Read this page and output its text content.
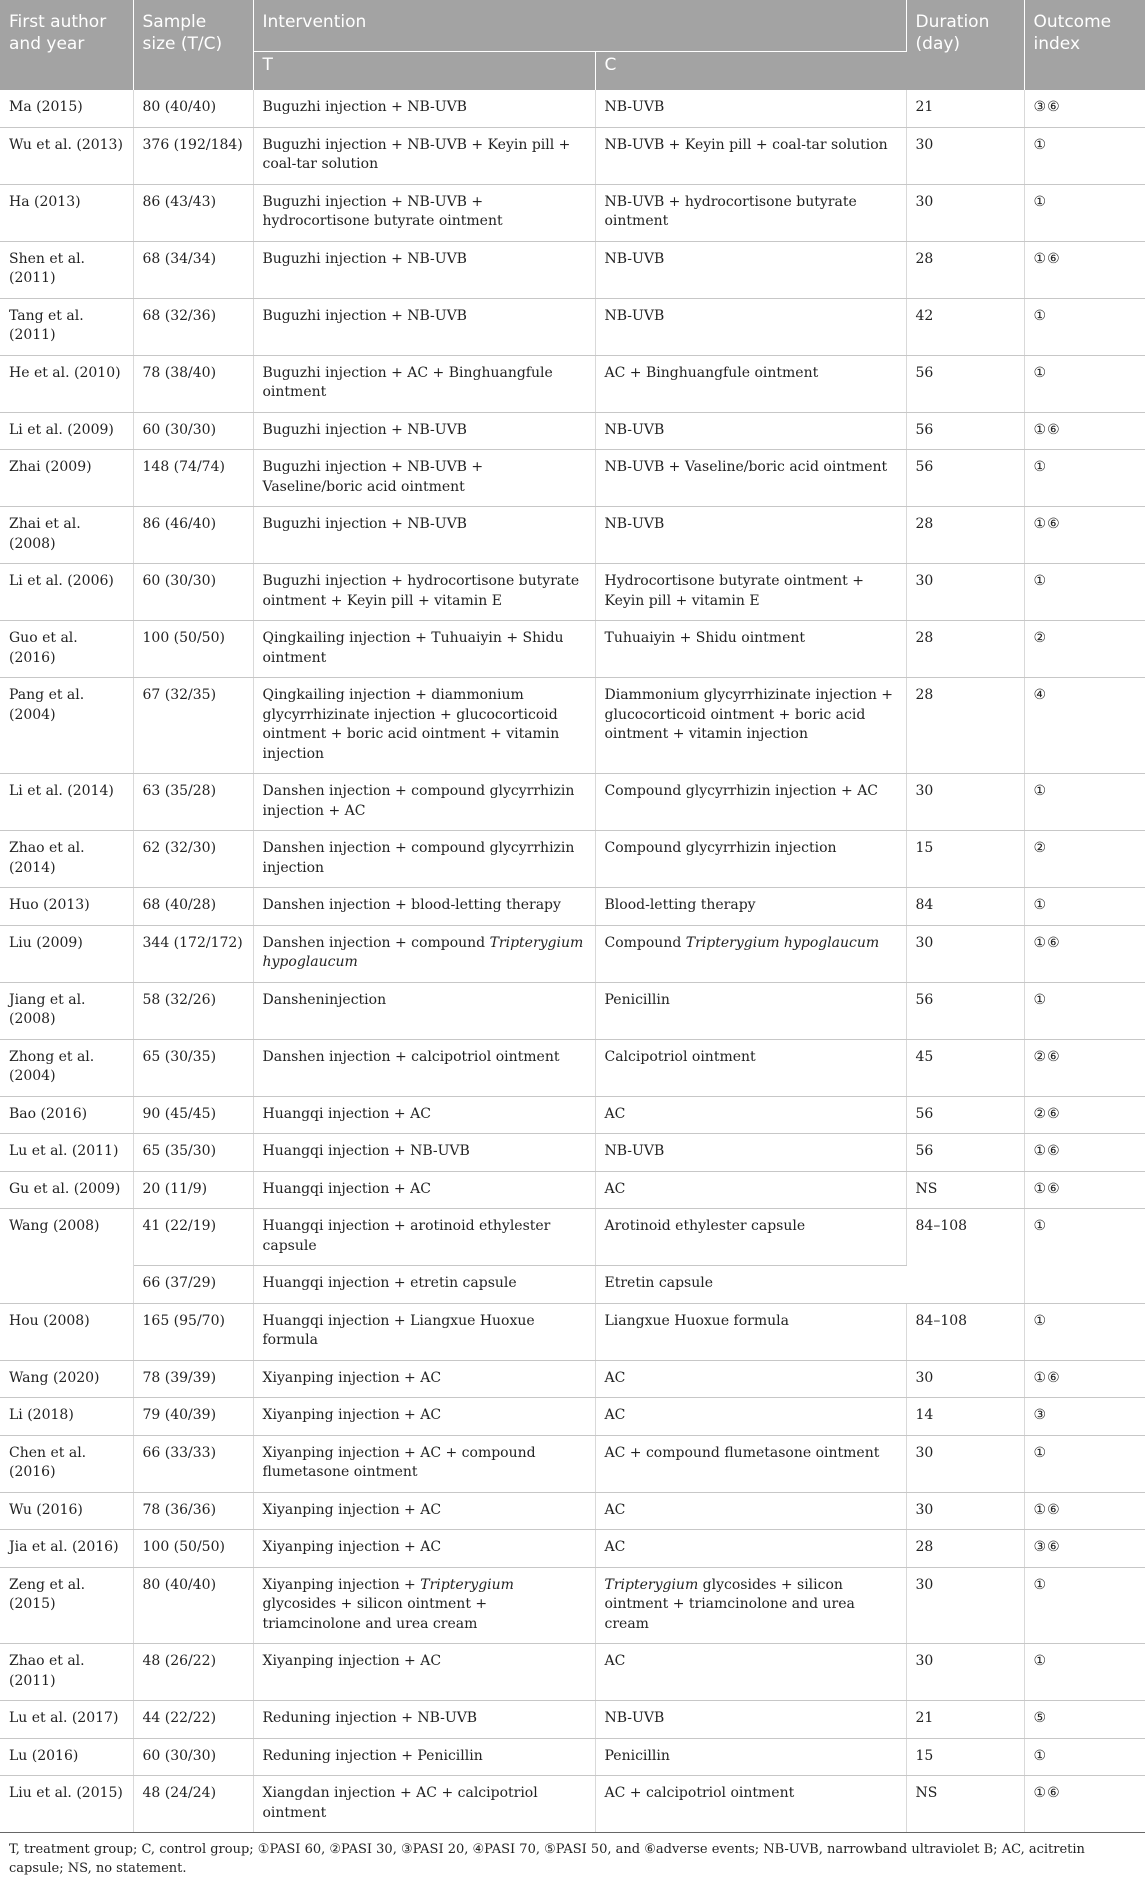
First author and year	Sample size (T/C)	Intervention		Duration (day)	Outcome index
		T	C		
Ma (2015)	80 (40/40)	Buguzhi injection + NB-UVB	NB-UVB	21	③⑥
Wu et al. (2013)	376 (192/184)	Buguzhi injection + NB-UVB + Keyin pill + coal-tar solution	NB-UVB + Keyin pill + coal-tar solution	30	①
Ha (2013)	86 (43/43)	Buguzhi injection + NB-UVB + hydrocortisone butyrate ointment	NB-UVB + hydrocortisone butyrate ointment	30	①
Shen et al. (2011)	68 (34/34)	Buguzhi injection + NB-UVB	NB-UVB	28	①⑥
Tang et al. (2011)	68 (32/36)	Buguzhi injection + NB-UVB	NB-UVB	42	①
He et al. (2010)	78 (38/40)	Buguzhi injection + AC + Binghuangfule ointment	AC + Binghuangfule ointment	56	①
Li et al. (2009)	60 (30/30)	Buguzhi injection + NB-UVB	NB-UVB	56	①⑥
Zhai (2009)	148 (74/74)	Buguzhi injection + NB-UVB + Vaseline/boric acid ointment	NB-UVB + Vaseline/boric acid ointment	56	①
Zhai et al. (2008)	86 (46/40)	Buguzhi injection + NB-UVB	NB-UVB	28	①⑥
Li et al. (2006)	60 (30/30)	Buguzhi injection + hydrocortisone butyrate ointment + Keyin pill + vitamin E	Hydrocortisone butyrate ointment + Keyin pill + vitamin E	30	①
Guo et al. (2016)	100 (50/50)	Qingkailing injection + Tuhuaiyin + Shidu ointment	Tuhuaiyin + Shidu ointment	28	②
Pang et al. (2004)	67 (32/35)	Qingkailing injection + diammonium glycyrrhizinate injection + glucocorticoid ointment + boric acid ointment + vitamin injection	Diammonium glycyrrhizinate injection + glucocorticoid ointment + boric acid ointment + vitamin injection	28	④
Li et al. (2014)	63 (35/28)	Danshen injection + compound glycyrrhizin injection + AC	Compound glycyrrhizin injection + AC	30	①
Zhao et al. (2014)	62 (32/30)	Danshen injection + compound glycyrrhizin injection	Compound glycyrrhizin injection	15	②
Huo (2013)	68 (40/28)	Danshen injection + blood-letting therapy	Blood-letting therapy	84	①
Liu (2009)	344 (172/172)	Danshen injection + compound Tripterygium hypoglaucum	Compound Tripterygium hypoglaucum	30	①⑥
Jiang et al. (2008)	58 (32/26)	Dansheninjection	Penicillin	56	①
Zhong et al. (2004)	65 (30/35)	Danshen injection + calcipotriol ointment	Calcipotriol ointment	45	②⑥
Bao (2016)	90 (45/45)	Huangqi injection + AC	AC	56	②⑥
Lu et al. (2011)	65 (35/30)	Huangqi injection + NB-UVB	NB-UVB	56	①⑥
Gu et al. (2009)	20 (11/9)	Huangqi injection + AC	AC	NS	①⑥
Wang (2008)	41 (22/19)	Huangqi injection + arotinoid ethylester capsule	Arotinoid ethylester capsule	84–108	①
	66 (37/29)	Huangqi injection + etretin capsule	Etretin capsule		
Hou (2008)	165 (95/70)	Huangqi injection + Liangxue Huoxue formula	Liangxue Huoxue formula	84–108	①
Wang (2020)	78 (39/39)	Xiyanping injection + AC	AC	30	①⑥
Li (2018)	79 (40/39)	Xiyanping injection + AC	AC	14	③
Chen et al. (2016)	66 (33/33)	Xiyanping injection + AC + compound flumetasone ointment	AC + compound flumetasone ointment	30	①
Wu (2016)	78 (36/36)	Xiyanping injection + AC	AC	30	①⑥
Jia et al. (2016)	100 (50/50)	Xiyanping injection + AC	AC	28	③⑥
Zeng et al. (2015)	80 (40/40)	Xiyanping injection + Tripterygium glycosides + silicon ointment + triamcinolone and urea cream	Tripterygium glycosides + silicon ointment + triamcinolone and urea cream	30	①
Zhao et al. (2011)	48 (26/22)	Xiyanping injection + AC	AC	30	①
Lu et al. (2017)	44 (22/22)	Reduning injection + NB-UVB	NB-UVB	21	⑤
Lu (2016)	60 (30/30)	Reduning injection + Penicillin	Penicillin	15	①
Liu et al. (2015)	48 (24/24)	Xiangdan injection + AC + calcipotriol ointment	AC + calcipotriol ointment	NS	①⑥
T, treatment group; C, control group; ①PASI 60, ②PASI 30, ③PASI 20, ④PASI 70, ⑤PASI 50, and ⑥adverse events; NB-UVB, narrowband ultraviolet B; AC, acitretin capsule; NS, no statement.
